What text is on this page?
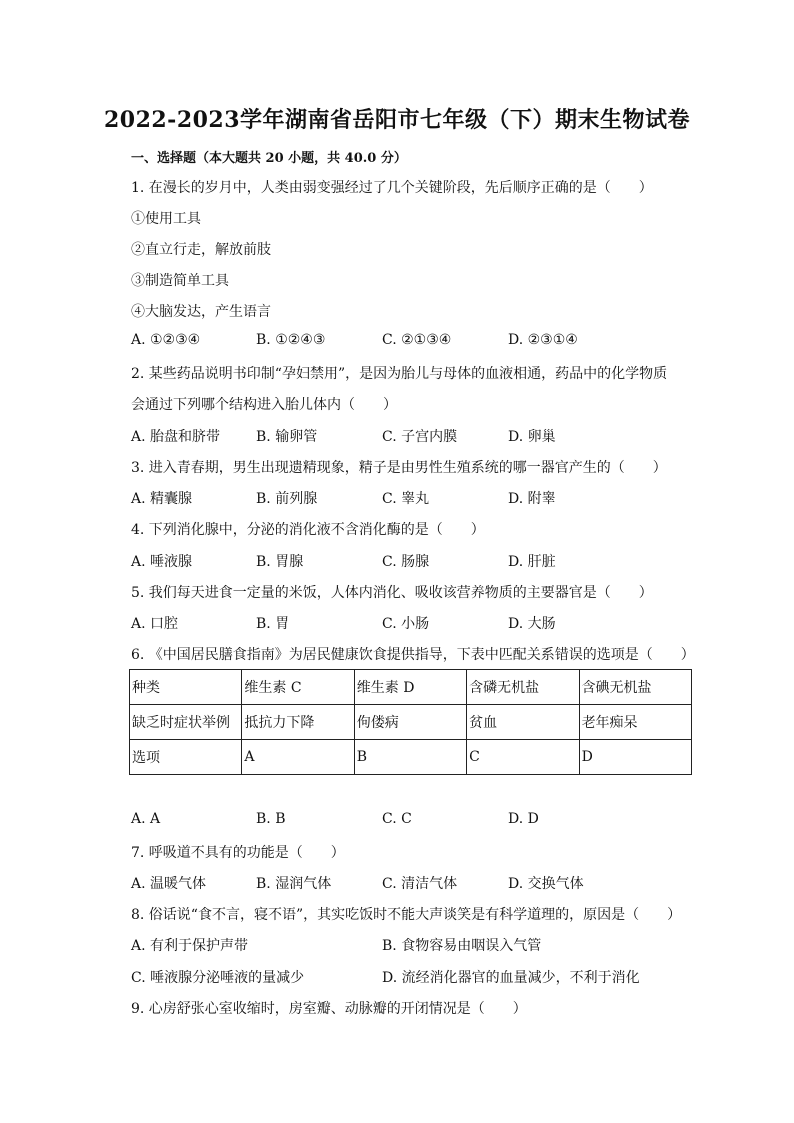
2022-2023学年湖南省岳阳市七年级（下）期末生物试卷
一、选择题（本大题共 20 小题，共 40.0 分）
1. 在漫长的岁月中，人类由弱变强经过了几个关键阶段，先后顺序正确的是（　　）
①使用工具
②直立行走，解放前肢
③制造简单工具
④大脑发达，产生语言
A. ①②③④	B. ①②④③	C. ②①③④	D. ②③①④
2. 某些药品说明书印制“孕妇禁用”，是因为胎儿与母体的血液相通，药品中的化学物质
会通过下列哪个结构进入胎儿体内（　　）
A. 胎盘和脐带	B. 输卵管	C. 子宫内膜	D. 卵巢
3. 进入青春期，男生出现遗精现象，精子是由男性生殖系统的哪一器官产生的（　　）
A. 精囊腺	B. 前列腺	C. 睾丸	D. 附睾
4. 下列消化腺中，分泌的消化液不含消化酶的是（　　）
A. 唾液腺	B. 胃腺	C. 肠腺	D. 肝脏
5. 我们每天进食一定量的米饭，人体内消化、吸收该营养物质的主要器官是（　　）
A. 口腔	B. 胃	C. 小肠	D. 大肠
6. 《中国居民膳食指南》为居民健康饮食提供指导，下表中匹配关系错误的选项是（　　）
种类	维生素 C	维生素 D	含磷无机盐	含碘无机盐
缺乏时症状举例	抵抗力下降	佝偻病	贫血	老年痴呆
选项	A	B	C	D
A. A	B. B	C. C	D. D
7. 呼吸道不具有的功能是（　　）
A. 温暖气体	B. 湿润气体	C. 清洁气体	D. 交换气体
8. 俗话说“食不言，寝不语”，其实吃饭时不能大声谈笑是有科学道理的，原因是（　　）
A. 有利于保护声带	B. 食物容易由咽误入气管
C. 唾液腺分泌唾液的量减少	D. 流经消化器官的血量减少，不利于消化
9. 心房舒张心室收缩时，房室瓣、动脉瓣的开闭情况是（　　）
